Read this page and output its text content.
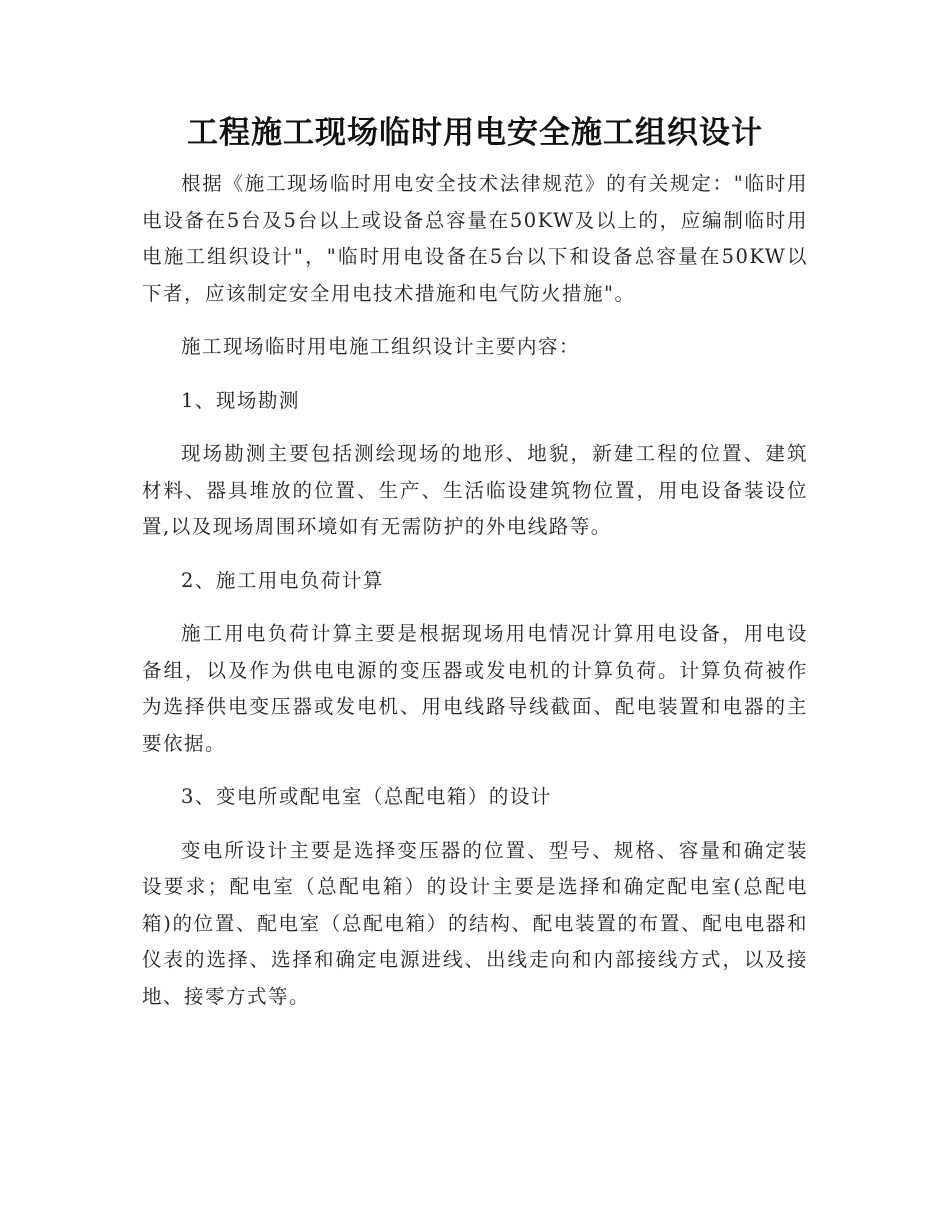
工程施工现场临时用电安全施工组织设计

根据《施工现场临时用电安全技术法律规范》的有关规定："临时用电设备在5台及5台以上或设备总容量在50KW及以上的，应编制临时用电施工组织设计"，"临时用电设备在5台以下和设备总容量在50KW以下者，应该制定安全用电技术措施和电气防火措施"。

施工现场临时用电施工组织设计主要内容：

1、现场勘测

现场勘测主要包括测绘现场的地形、地貌，新建工程的位置、建筑材料、器具堆放的位置、生产、生活临设建筑物位置，用电设备装设位置,以及现场周围环境如有无需防护的外电线路等。

2、施工用电负荷计算

施工用电负荷计算主要是根据现场用电情况计算用电设备，用电设备组，以及作为供电电源的变压器或发电机的计算负荷。计算负荷被作为选择供电变压器或发电机、用电线路导线截面、配电装置和电器的主要依据。

3、变电所或配电室（总配电箱）的设计

变电所设计主要是选择变压器的位置、型号、规格、容量和确定装设要求；配电室（总配电箱）的设计主要是选择和确定配电室(总配电箱)的位置、配电室（总配电箱）的结构、配电装置的布置、配电电器和仪表的选择、选择和确定电源进线、出线走向和内部接线方式，以及接地、接零方式等。
